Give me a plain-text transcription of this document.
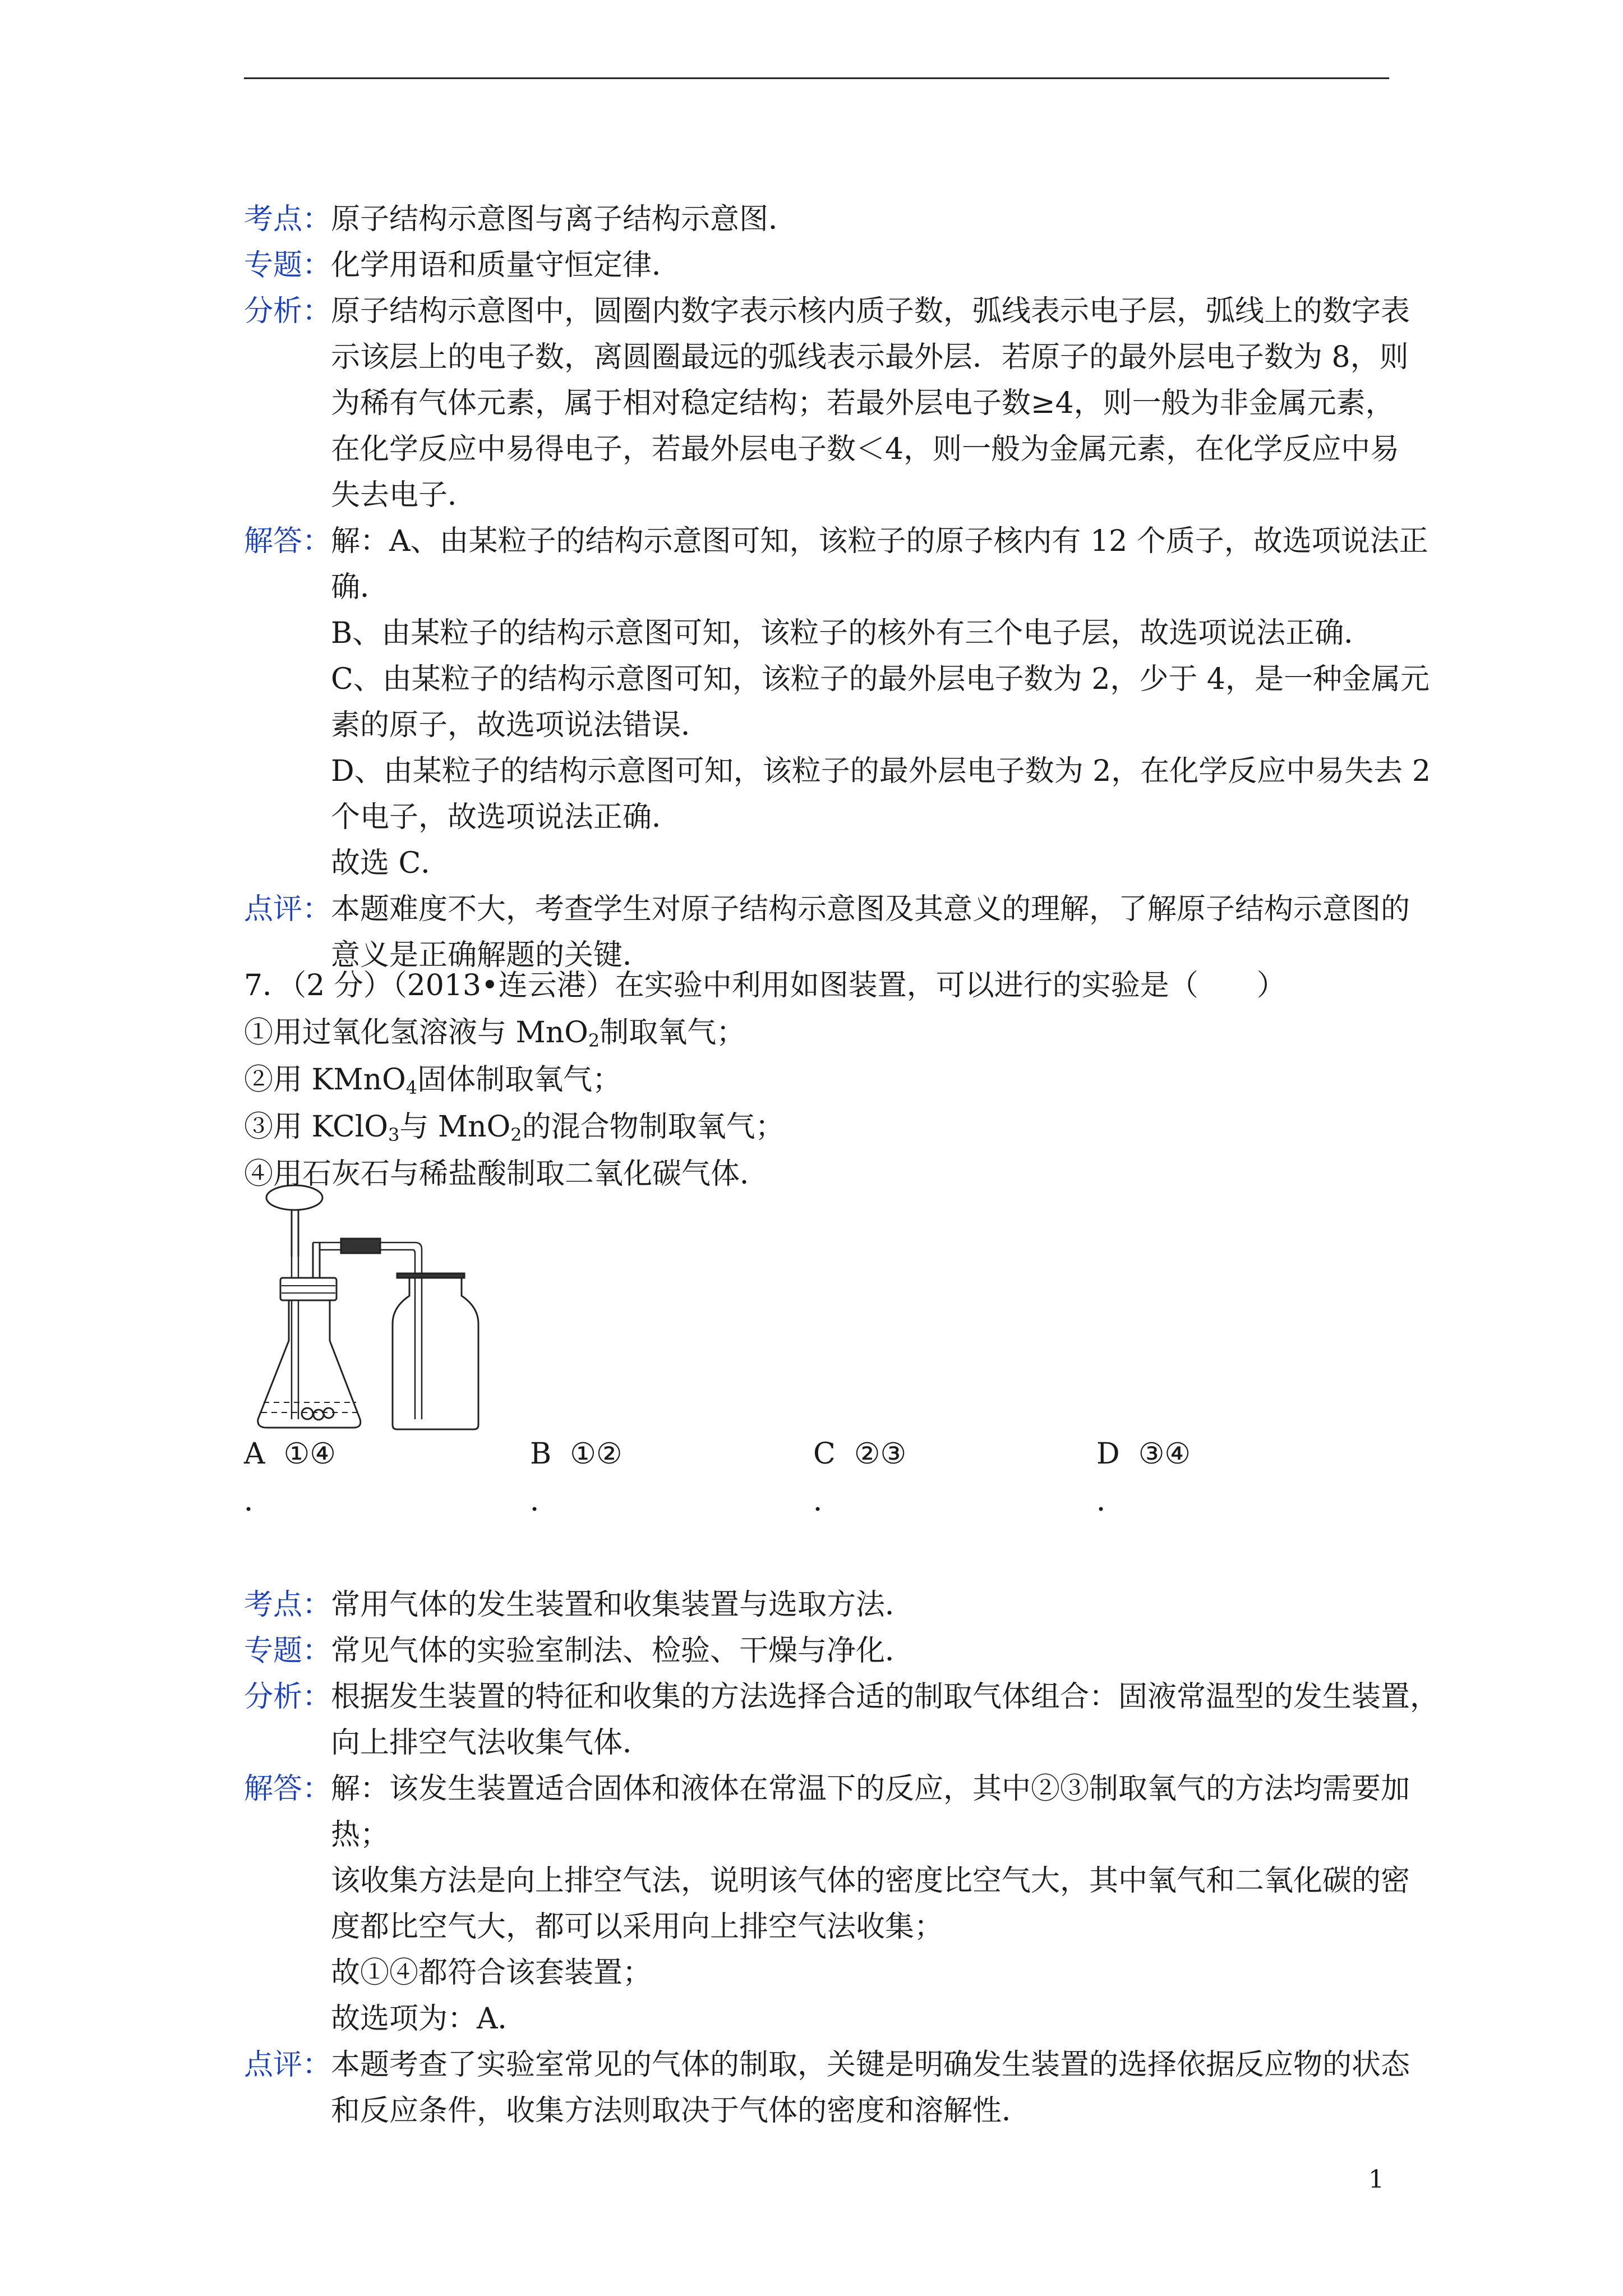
考点：
原子结构示意图与离子结构示意图．
专题：
化学用语和质量守恒定律．
分析：
原子结构示意图中，圆圈内数字表示核内质子数，弧线表示电子层，弧线上的数字表
示该层上的电子数，离圆圈最远的弧线表示最外层．若原子的最外层电子数为 8，则
为稀有气体元素，属于相对稳定结构；若最外层电子数≥4，则一般为非金属元素，
在化学反应中易得电子，若最外层电子数＜4，则一般为金属元素，在化学反应中易
失去电子．
解答：
解：A、由某粒子的结构示意图可知，该粒子的原子核内有 12 个质子，故选项说法正
确．
B、由某粒子的结构示意图可知，该粒子的核外有三个电子层，故选项说法正确．
C、由某粒子的结构示意图可知，该粒子的最外层电子数为 2，少于 4，是一种金属元
素的原子，故选项说法错误．
D、由某粒子的结构示意图可知，该粒子的最外层电子数为 2，在化学反应中易失去 2
个电子，故选项说法正确．
故选 C．
点评：
本题难度不大，考查学生对原子结构示意图及其意义的理解，了解原子结构示意图的
意义是正确解题的关键．
7．（2 分）（2013•连云港）在实验中利用如图装置，可以进行的实验是（　　）
①用过氧化氢溶液与 MnO$_2$制取氧气；
②用 KMnO$_4$固体制取氧气；
③用 KClO$_3$与 MnO$_2$的混合物制取氧气；
④用石灰石与稀盐酸制取二氧化碳气体．
A ①④
．
B ①②
．
C ②③
．
D ③④
．
考点：
常用气体的发生装置和收集装置与选取方法．
专题：
常见气体的实验室制法、检验、干燥与净化．
分析：
根据发生装置的特征和收集的方法选择合适的制取气体组合：固液常温型的发生装置，
向上排空气法收集气体．
解答：
解：该发生装置适合固体和液体在常温下的反应，其中②③制取氧气的方法均需要加
热；
该收集方法是向上排空气法，说明该气体的密度比空气大，其中氧气和二氧化碳的密
度都比空气大，都可以采用向上排空气法收集；
故①④都符合该套装置；
故选项为：A．
点评：
本题考查了实验室常见的气体的制取，关键是明确发生装置的选择依据反应物的状态
和反应条件，收集方法则取决于气体的密度和溶解性．
1
